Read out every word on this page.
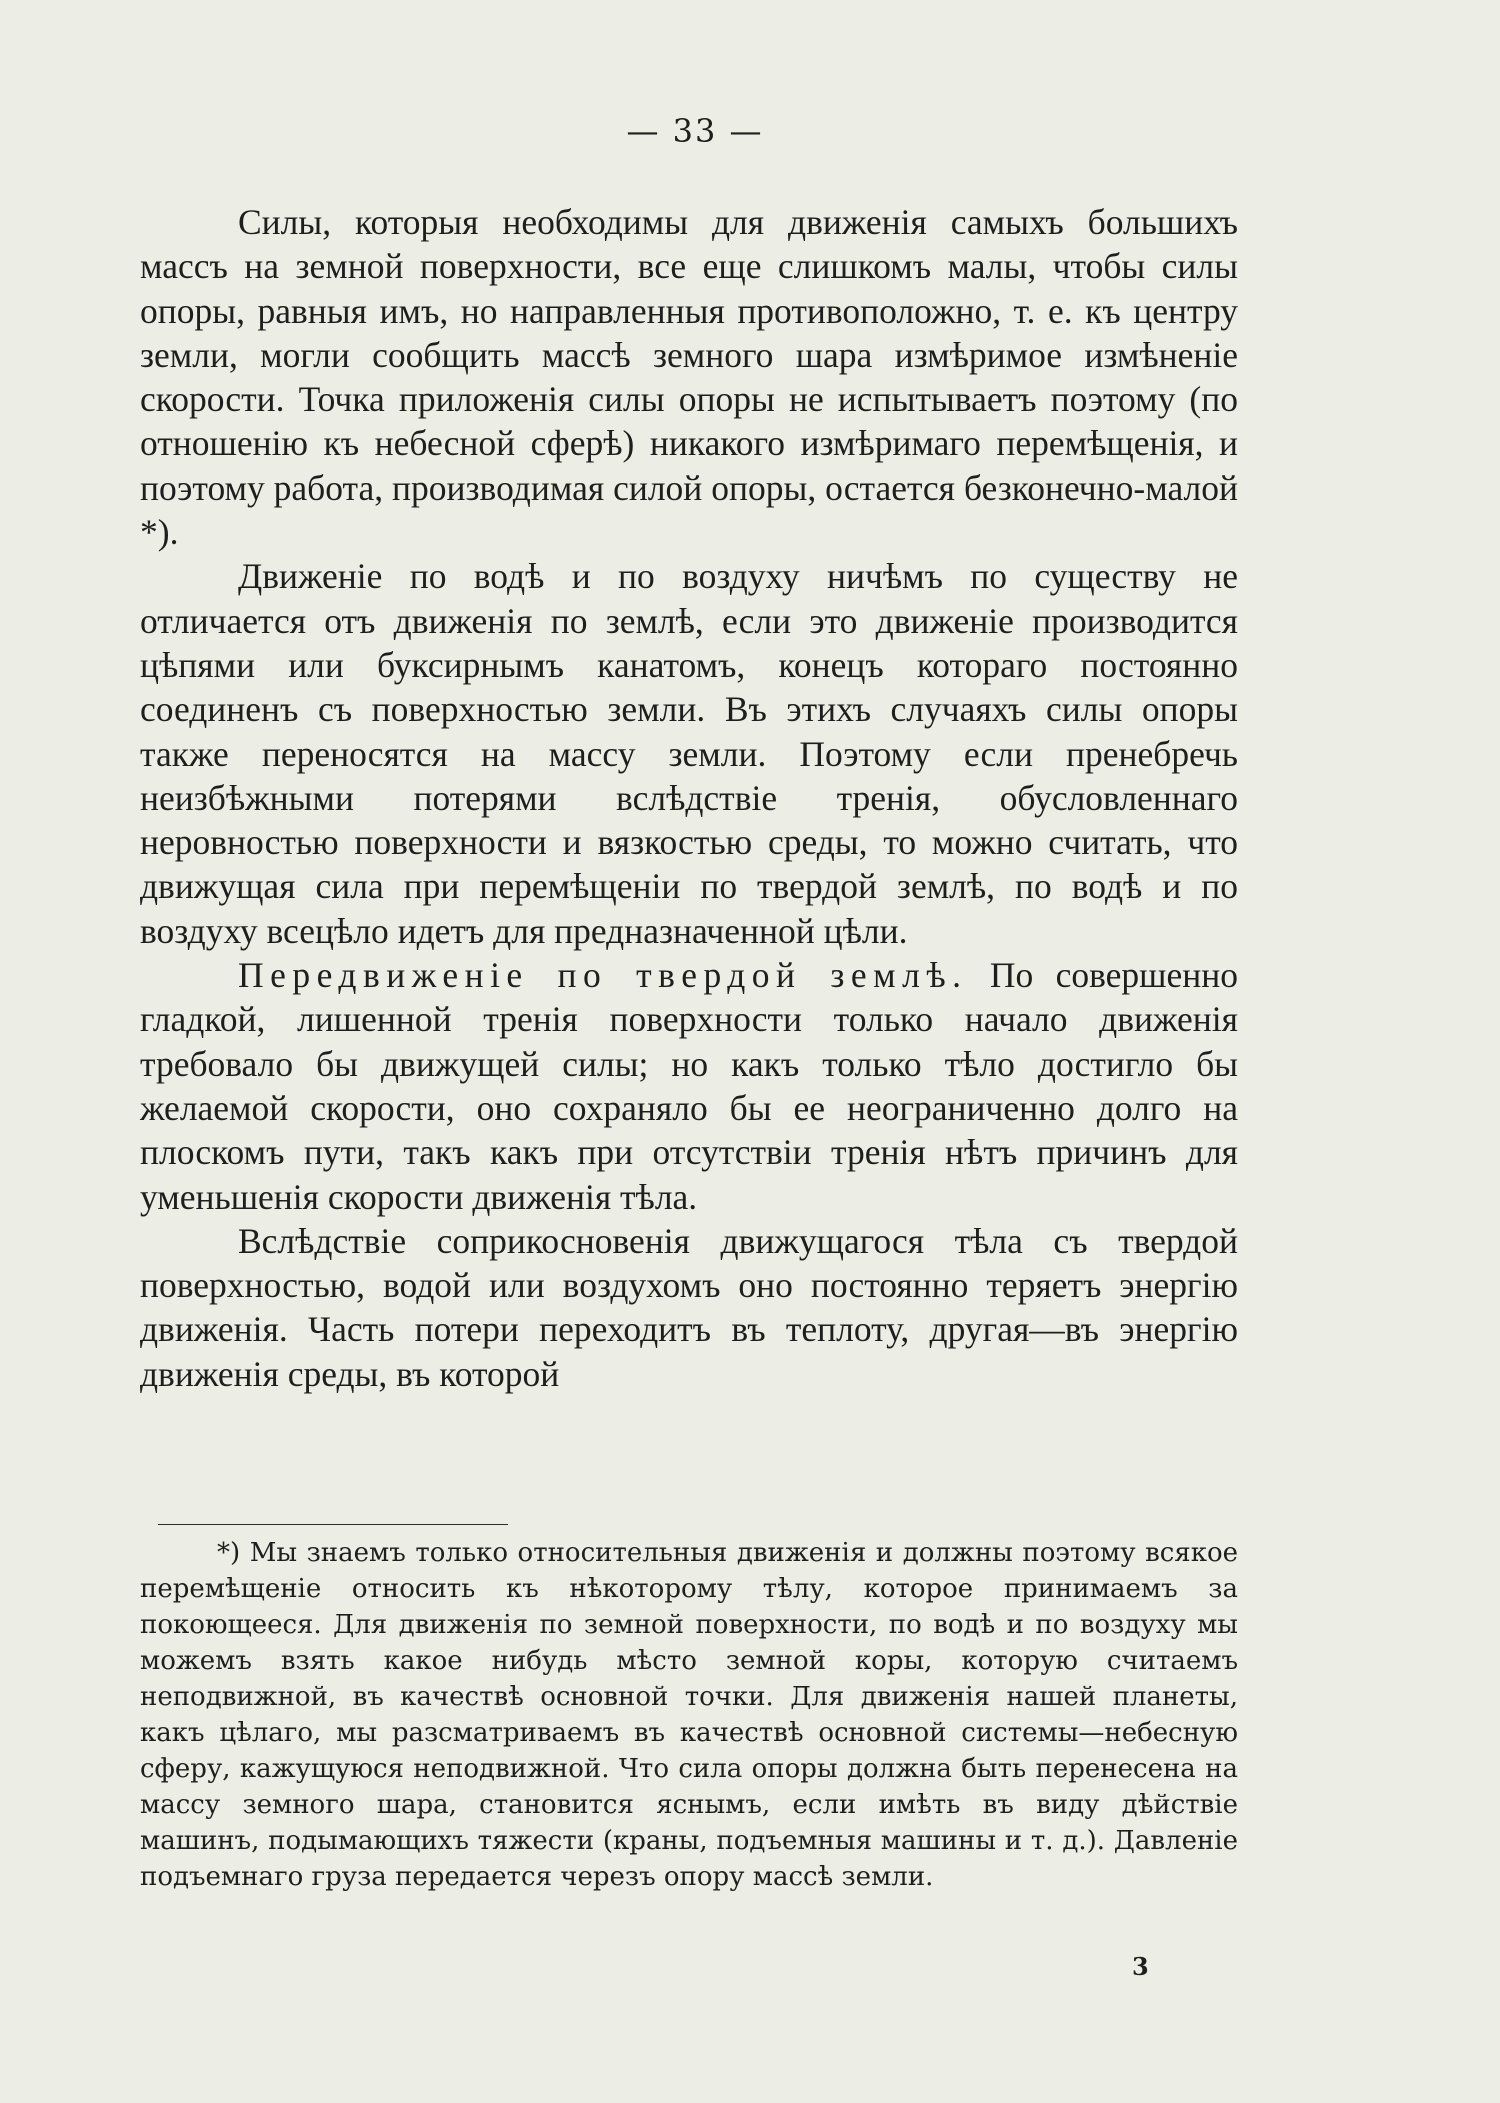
— 33 —

Силы, которыя необходимы для движенія самыхъ большихъ массъ на земной поверхности, все еще слишкомъ малы, чтобы силы опоры, равныя имъ, но направленныя противоположно, т. е. къ центру земли, могли сообщить массѣ земного шара измѣримое измѣненіе скорости. Точка приложенія силы опоры не испытываетъ поэтому (по отношенію къ небесной сферѣ) никакого измѣримаго перемѣщенія, и поэтому работа, производимая силой опоры, остается безконечно-малой *).

Движеніе по водѣ и по воздуху ничѣмъ по существу не отличается отъ движенія по землѣ, если это движеніе производится цѣпями или буксирнымъ канатомъ, конецъ котораго постоянно соединенъ съ поверхностью земли. Въ этихъ случаяхъ силы опоры также переносятся на массу земли. Поэтому если пренебречь неизбѣжными потерями вслѣдствіе тренія, обусловленнаго неровностью поверхности и вязкостью среды, то можно считать, что движущая сила при перемѣщеніи по твердой землѣ, по водѣ и по воздуху всецѣло идетъ для предназначенной цѣли.

Передвиженіе по твердой землѣ. По совершенно гладкой, лишенной тренія поверхности только начало движенія требовало бы движущей силы; но какъ только тѣло достигло бы желаемой скорости, оно сохраняло бы ее неограниченно долго на плоскомъ пути, такъ какъ при отсутствіи тренія нѣтъ причинъ для уменьшенія скорости движенія тѣла.

Вслѣдствіе соприкосновенія движущагося тѣла съ твердой поверхностью, водой или воздухомъ оно постоянно теряетъ энергію движенія. Часть потери переходитъ въ теплоту, другая—въ энергію движенія среды, въ которой

*) Мы знаемъ только относительныя движенія и должны поэтому всякое перемѣщеніе относить къ нѣкоторому тѣлу, которое принимаемъ за покоющееся. Для движенія по земной поверхности, по водѣ и по воздуху мы можемъ взять какое нибудь мѣсто земной коры, которую считаемъ неподвижной, въ качествѣ основной точки. Для движенія нашей планеты, какъ цѣлаго, мы разсматриваемъ въ качествѣ основной системы—небесную сферу, кажущуюся неподвижной. Что сила опоры должна быть перенесена на массу земного шара, становится яснымъ, если имѣть въ виду дѣйствіе машинъ, подымающихъ тяжести (краны, подъемныя машины и т. д.). Давленіе подъемнаго груза передается черезъ опору массѣ земли.

3
